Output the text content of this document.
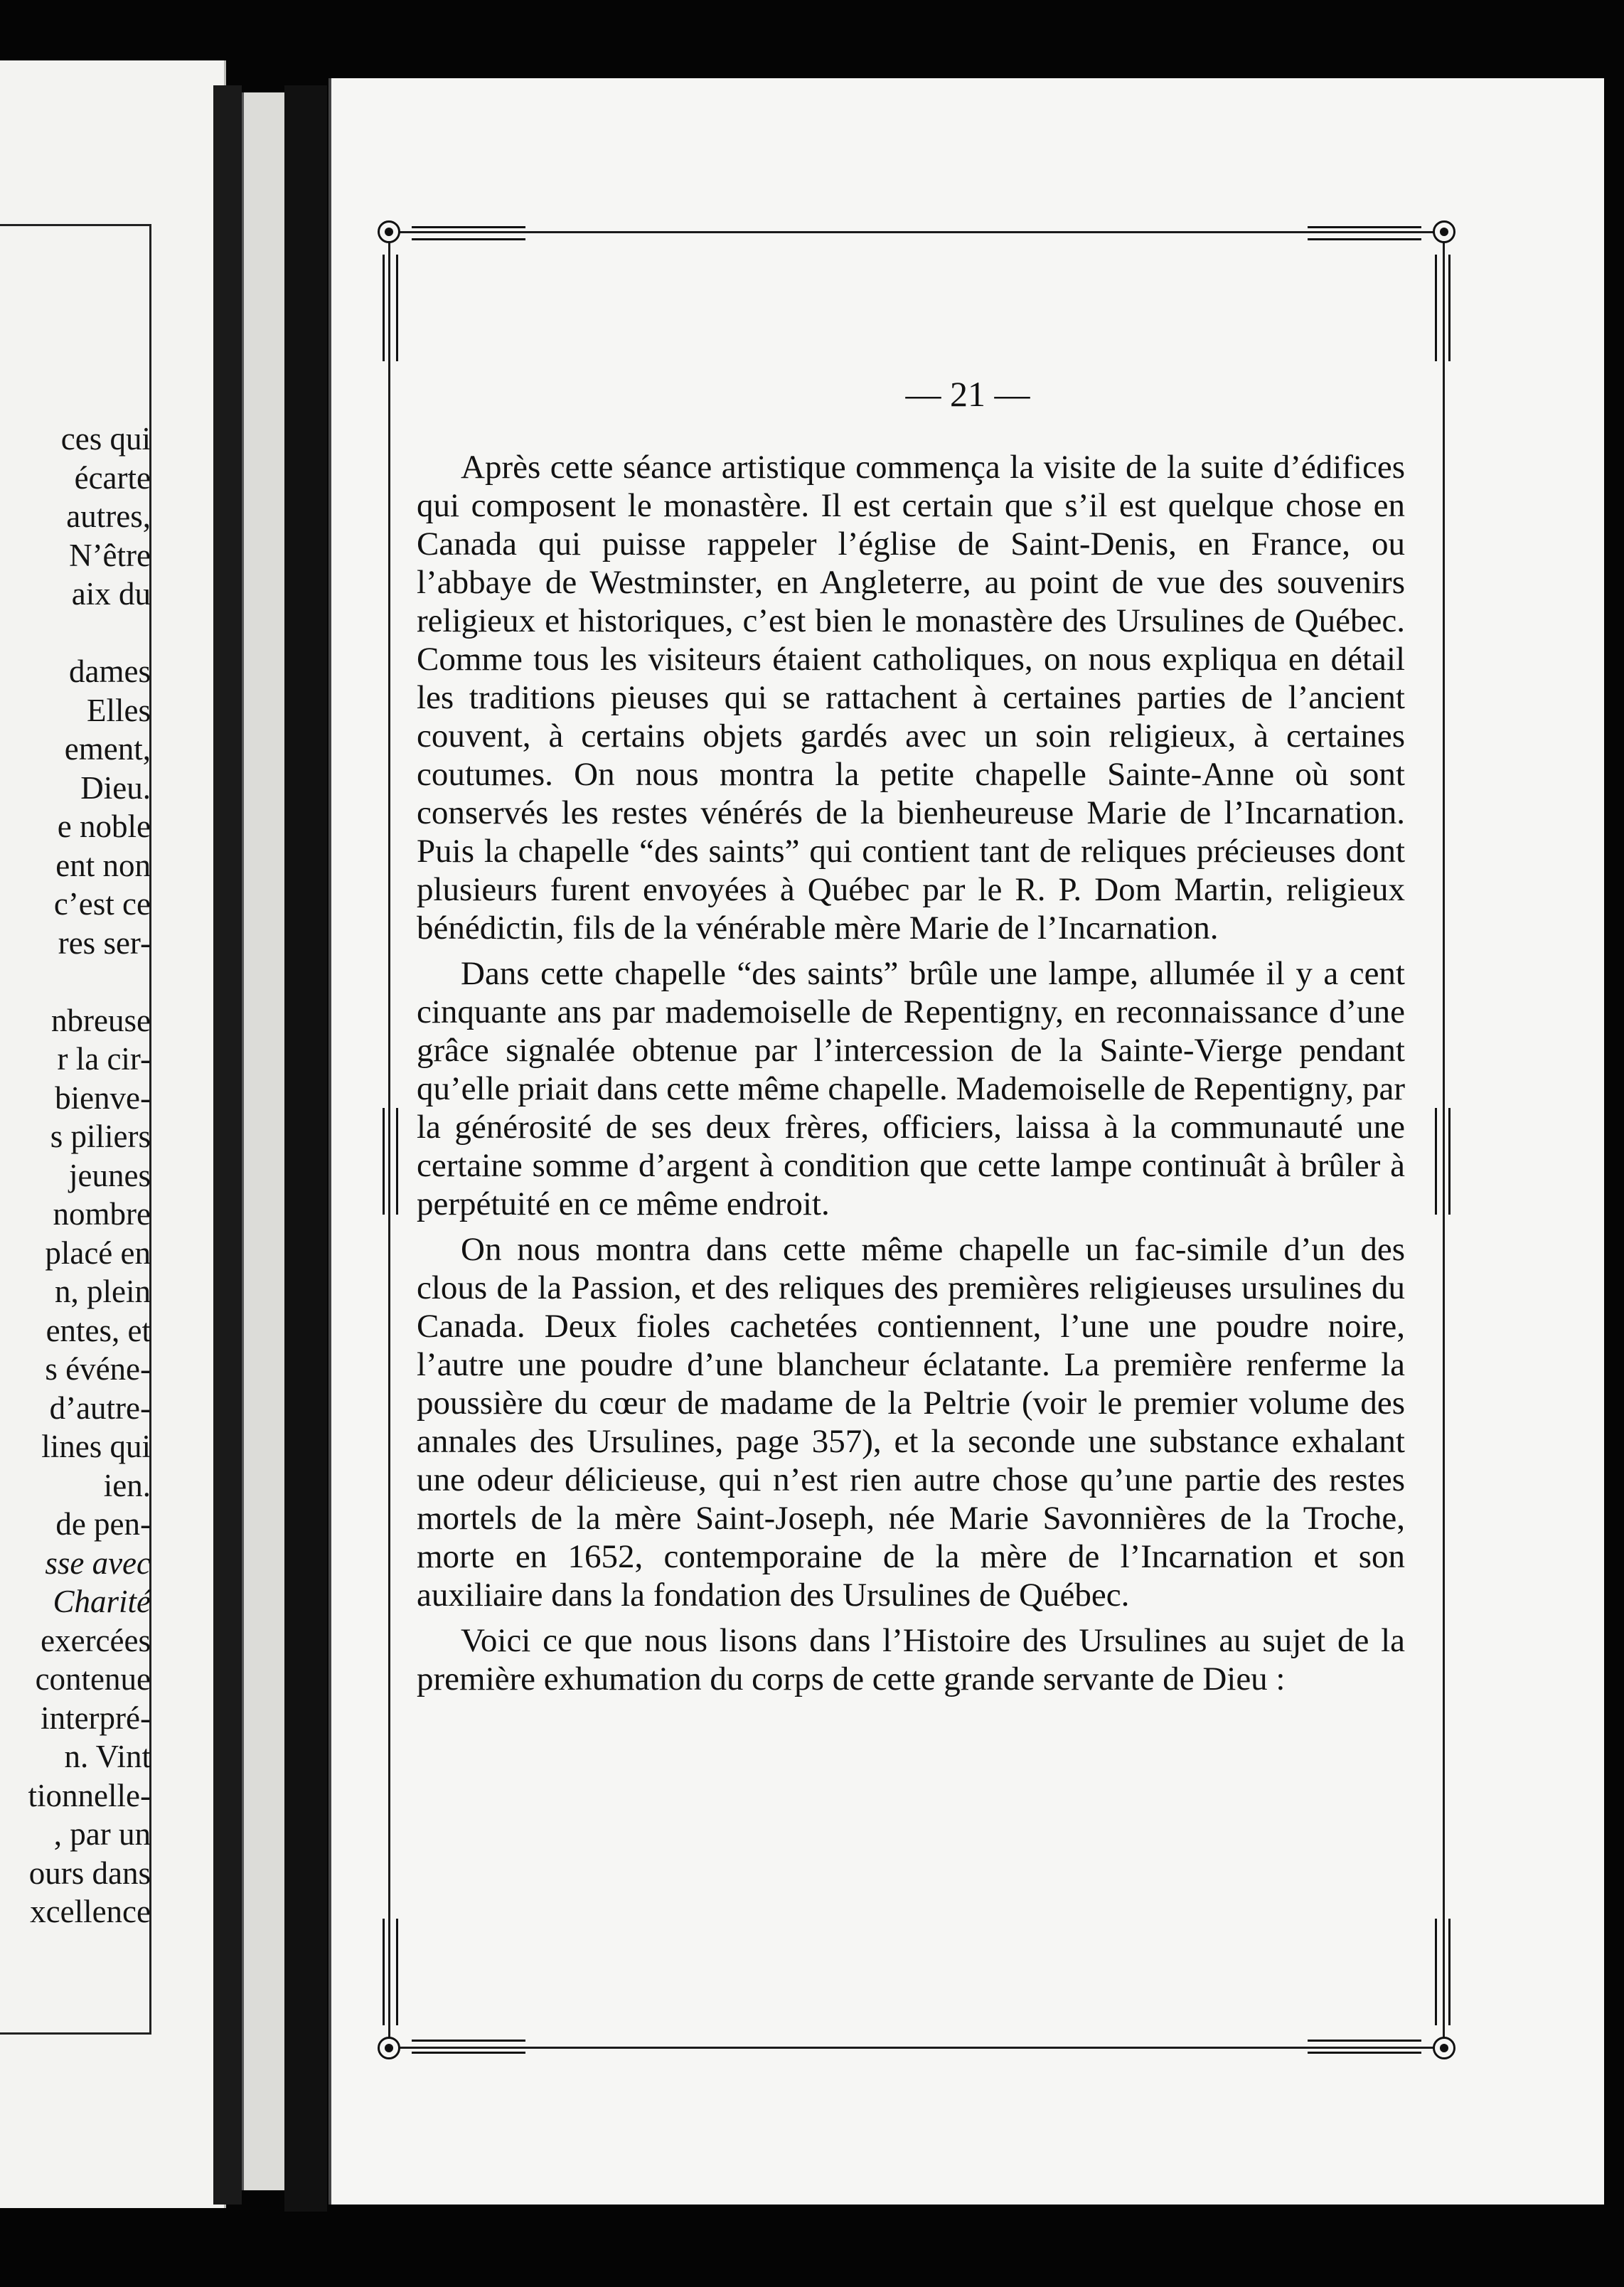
ces qui
écarte
autres,
N’être
aix du

dames
Elles
ement,
Dieu.
e noble
ent non
c’est ce
res ser-

nbreuse
r la cir-
bienve-
s piliers
jeunes
nombre
placé en
n, plein
entes, et
s événe-
d’autre-
lines qui
ien.
de pen-
sse avec
Charité
exercées
contenue
interpré-
n. Vint
tionnelle-
, par un
ours dans
xcellence
— 21 —

Après cette séance artistique commença la visite de la suite d’édifices qui composent le monastère. Il est certain que s’il est quelque chose en Canada qui puisse rappeler l’église de Saint-Denis, en France, ou l’abbaye de Westminster, en Angleterre, au point de vue des souvenirs religieux et historiques, c’est bien le monastère des Ursulines de Québec. Comme tous les visiteurs étaient catholiques, on nous expliqua en détail les traditions pieuses qui se rattachent à certaines parties de l’ancient couvent, à certains objets gardés avec un soin religieux, à certaines coutumes. On nous montra la petite chapelle Sainte-Anne où sont conservés les restes vénérés de la bienheureuse Marie de l’Incarnation. Puis la chapelle “des saints” qui contient tant de reliques précieuses dont plusieurs furent envoyées à Québec par le R. P. Dom Martin, religieux bénédictin, fils de la vénérable mère Marie de l’Incarnation.

Dans cette chapelle “des saints” brûle une lampe, allumée il y a cent cinquante ans par mademoiselle de Repentigny, en reconnaissance d’une grâce signalée obtenue par l’intercession de la Sainte-Vierge pendant qu’elle priait dans cette même chapelle. Mademoiselle de Repentigny, par la générosité de ses deux frères, officiers, laissa à la communauté une certaine somme d’argent à condition que cette lampe continuât à brûler à perpétuité en ce même endroit.

On nous montra dans cette même chapelle un fac-simile d’un des clous de la Passion, et des reliques des premières religieuses ursulines du Canada. Deux fioles cachetées contiennent, l’une une poudre noire, l’autre une poudre d’une blancheur éclatante. La première renferme la poussière du cœur de madame de la Peltrie (voir le premier volume des annales des Ursulines, page 357), et la seconde une substance exhalant une odeur délicieuse, qui n’est rien autre chose qu’une partie des restes mortels de la mère Saint-Joseph, née Marie Savonnières de la Troche, morte en 1652, contemporaine de la mère de l’Incarnation et son auxiliaire dans la fondation des Ursulines de Québec.

Voici ce que nous lisons dans l’Histoire des Ursulines au sujet de la première exhumation du corps de cette grande servante de Dieu :
